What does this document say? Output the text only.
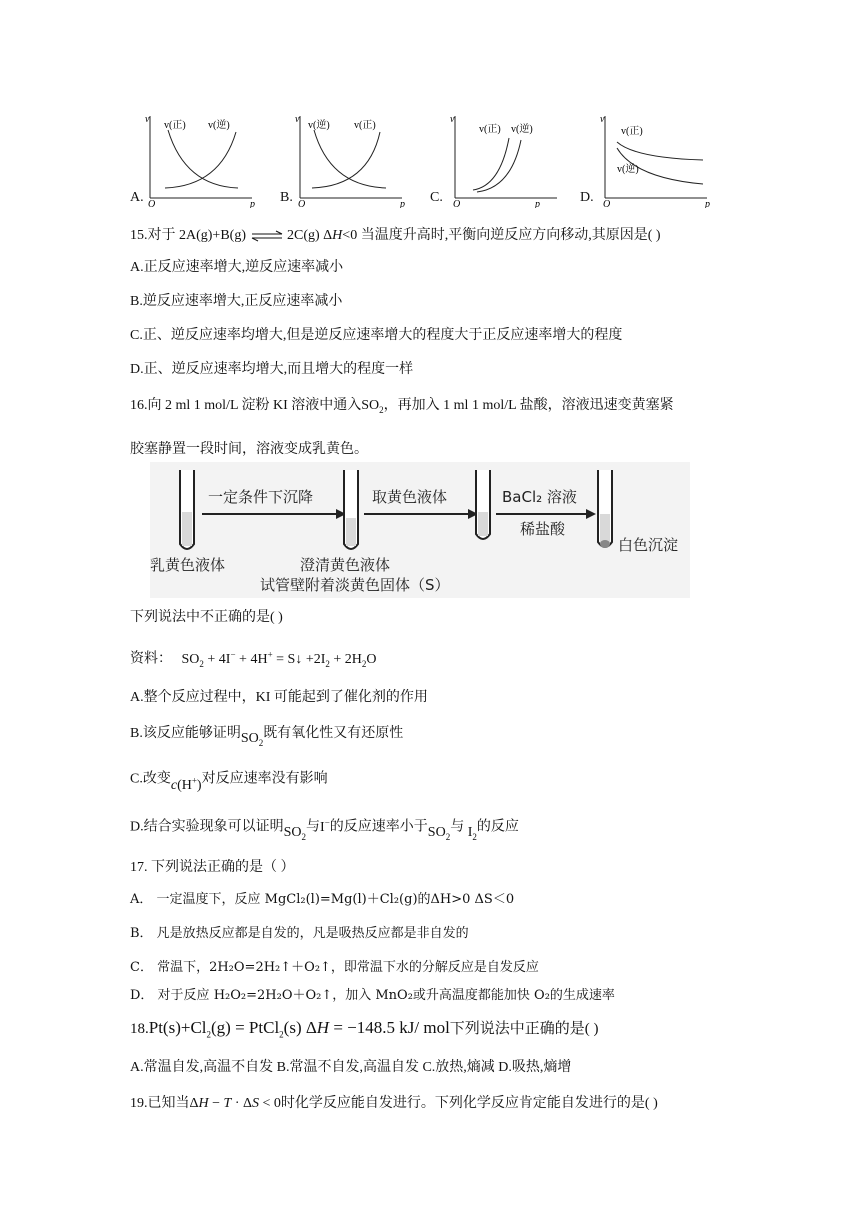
v
v(正) v(逆)
O	p
A.
v
v(逆) v(正)
O	p
B.
v
v(正) v(逆)
O	p
C.
v
v(正)
v(逆)
O	p
D.
15.对于 2A(g)+B(g) ⇌ 2C(g) ΔH<0 当温度升高时,平衡向逆反应方向移动,其原因是( )
A.正反应速率增大,逆反应速率减小
B.逆反应速率增大,正反应速率减小
C.正、逆反应速率均增大,但是逆反应速率增大的程度大于正反应速率增大的程度
D.正、逆反应速率均增大,而且增大的程度一样
16.向 2 ml 1 mol/L 淀粉 KI 溶液中通入$SO_2$，再加入 1 ml 1 mol/L 盐酸，溶液迅速变黄塞紧
胶塞静置一段时间，溶液变成乳黄色。
一定条件下沉降	取黄色液体	BaCl₂ 溶液
稀盐酸
乳黄色液体	澄清黄色液体
试管壁附着淡黄色固体（S）
白色沉淀
下列说法中不正确的是( )
资料： $SO_2 + 4I^- + 4H^+$ = S↓ $+2I_2 + 2H_2O$
A.整个反应过程中，KI 可能起到了催化剂的作用
B.该反应能够证明$SO_2$既有氧化性又有还原性
C.改变c(H+)对反应速率没有影响
D.结合实验现象可以证明$SO_2$与I−的反应速率小于$SO_2$与 $I_2$的反应
17. 下列说法正确的是（ ）
A． 一定温度下，反应 MgCl₂(l)=Mg(l)＋Cl₂(g)的ΔH>0 ΔS＜0
B． 凡是放热反应都是自发的，凡是吸热反应都是非自发的
C． 常温下，2H₂O=2H₂↑＋O₂↑，即常温下水的分解反应是自发反应
D． 对于反应 H₂O₂=2H₂O＋O₂↑，加入 MnO₂或升高温度都能加快 O₂的生成速率
$18.Pt(s)+Cl_2(g)$ = PtCl$_2$(s) ΔH = −148.5 kJ/ mol下列说法中正确的是( )
A.常温自发,高温不自发 B.常温不自发,高温自发 C.放热,熵减 D.吸热,熵增
19.已知当ΔH − T · ΔS < 0时化学反应能自发进行。下列化学反应肯定能自发进行的是( )
